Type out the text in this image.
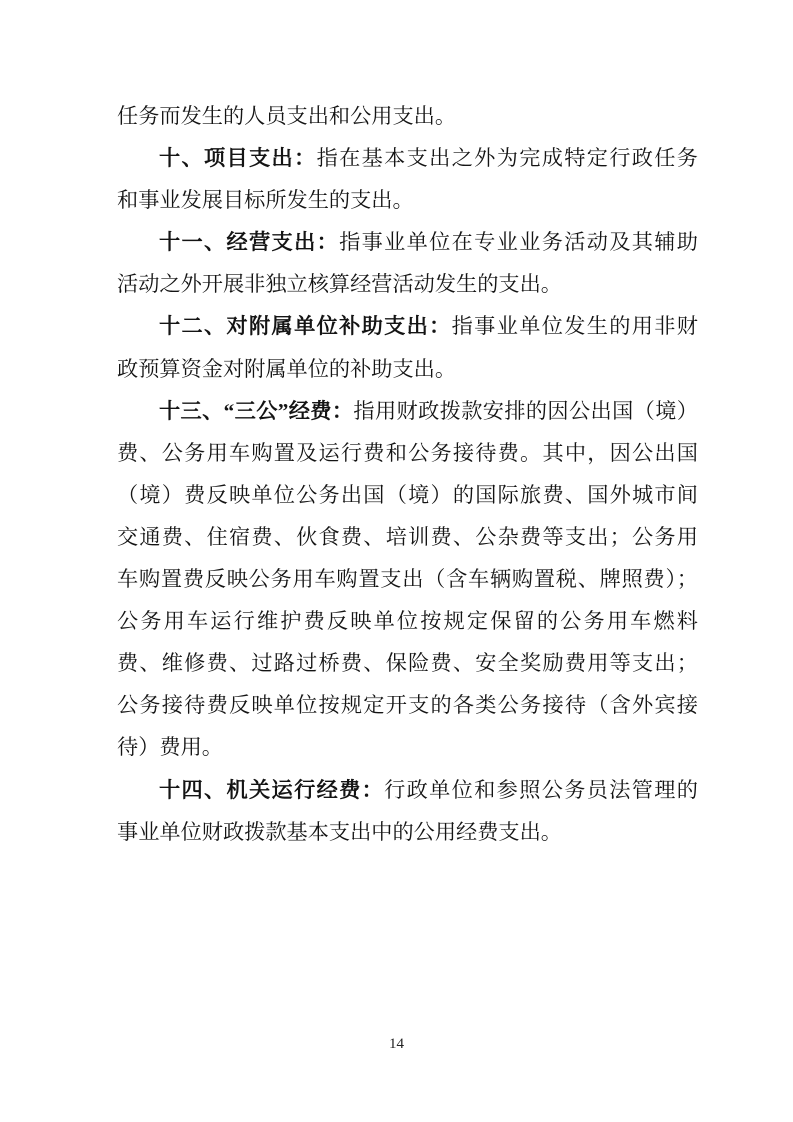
任务而发生的人员支出和公用支出。
十、项目支出：指在基本支出之外为完成特定行政任务
和事业发展目标所发生的支出。
十一、经营支出：指事业单位在专业业务活动及其辅助
活动之外开展非独立核算经营活动发生的支出。
十二、对附属单位补助支出：指事业单位发生的用非财
政预算资金对附属单位的补助支出。
十三、“三公”经费：指用财政拨款安排的因公出国（境）
费、公务用车购置及运行费和公务接待费。其中，因公出国
（境）费反映单位公务出国（境）的国际旅费、国外城市间
交通费、住宿费、伙食费、培训费、公杂费等支出；公务用
车购置费反映公务用车购置支出（含车辆购置税、牌照费）；
公务用车运行维护费反映单位按规定保留的公务用车燃料
费、维修费、过路过桥费、保险费、安全奖励费用等支出；
公务接待费反映单位按规定开支的各类公务接待（含外宾接
待）费用。
十四、机关运行经费：行政单位和参照公务员法管理的
事业单位财政拨款基本支出中的公用经费支出。
14
